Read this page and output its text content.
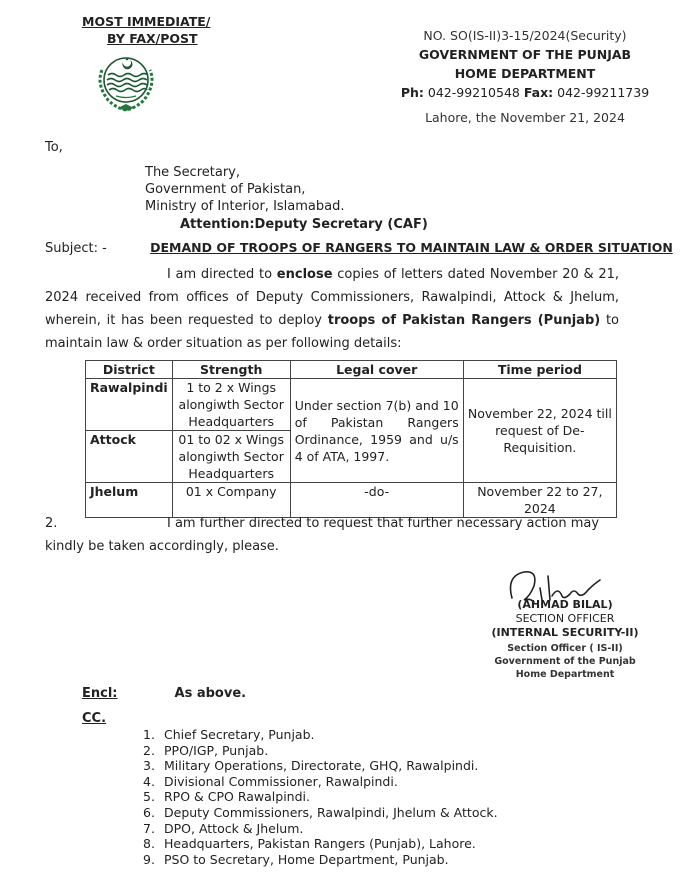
MOST IMMEDIATE/
BY FAX/POST	NO. SO(IS-II)3-15/2024(Security)
GOVERNMENT OF THE PUNJAB
HOME DEPARTMENT
Ph: 042-99210548 Fax: 042-99211739
Lahore, the November 21, 2024
To,
The Secretary,
Government of Pakistan,
Ministry of Interior, Islamabad.
Attention: Deputy Secretary (CAF)
Subject: -	DEMAND OF TROOPS OF RANGERS TO MAINTAIN LAW & ORDER SITUATION
I am directed to enclose copies of letters dated November 20 & 21, 2024 received from offices of Deputy Commissioners, Rawalpindi, Attock & Jhelum, wherein, it has been requested to deploy troops of Pakistan Rangers (Punjab) to maintain law & order situation as per following details:
District	Strength	Legal cover	Time period
Rawalpindi	1 to 2 x Wings alongiwth Sector Headquarters	Under section 7(b) and 10 of Pakistan Rangers Ordinance, 1959 and u/s 4 of ATA, 1997.	November 22, 2024 till request of De-Requisition.
Attock	01 to 02 x Wings alongiwth Sector Headquarters		
Jhelum	01 x Company	-do-	November 22 to 27, 2024
2.	I am further directed to request that further necessary action may kindly be taken accordingly, please.
(AHMAD BILAL)
SECTION OFFICER
(INTERNAL SECURITY-II)
Section Officer ( IS-II)
Government of the Punjab
Home Department
Encl:	As above.
CC.
1. Chief Secretary, Punjab.
2. PPO/IGP, Punjab.
3. Military Operations, Directorate, GHQ, Rawalpindi.
4. Divisional Commissioner, Rawalpindi.
5. RPO & CPO Rawalpindi.
6. Deputy Commissioners, Rawalpindi, Jhelum & Attock.
7. DPO, Attock & Jhelum.
8. Headquarters, Pakistan Rangers (Punjab), Lahore.
9. PSO to Secretary, Home Department, Punjab.
